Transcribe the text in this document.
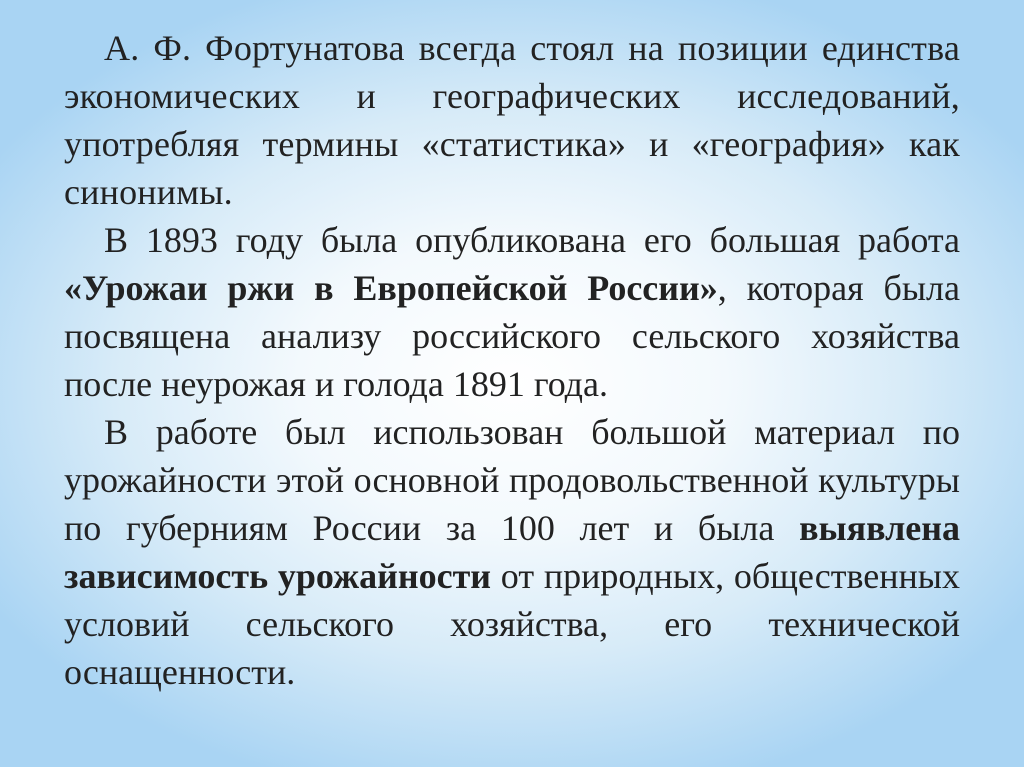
А. Ф. Фортунатова всегда стоял на позиции единства экономических и географических исследований, употребляя термины «статистика» и «география» как синонимы.

В 1893 году была опубликована его большая работа «Урожаи ржи в Европейской России», которая была посвящена анализу российского сельского хозяйства после неурожая и голода 1891 года.

В работе был использован большой материал по урожайности этой основной продовольственной культуры по губерниям России за 100 лет и была выявлена зависимость урожайности от природных, общественных условий сельского хозяйства, его технической оснащенности.
